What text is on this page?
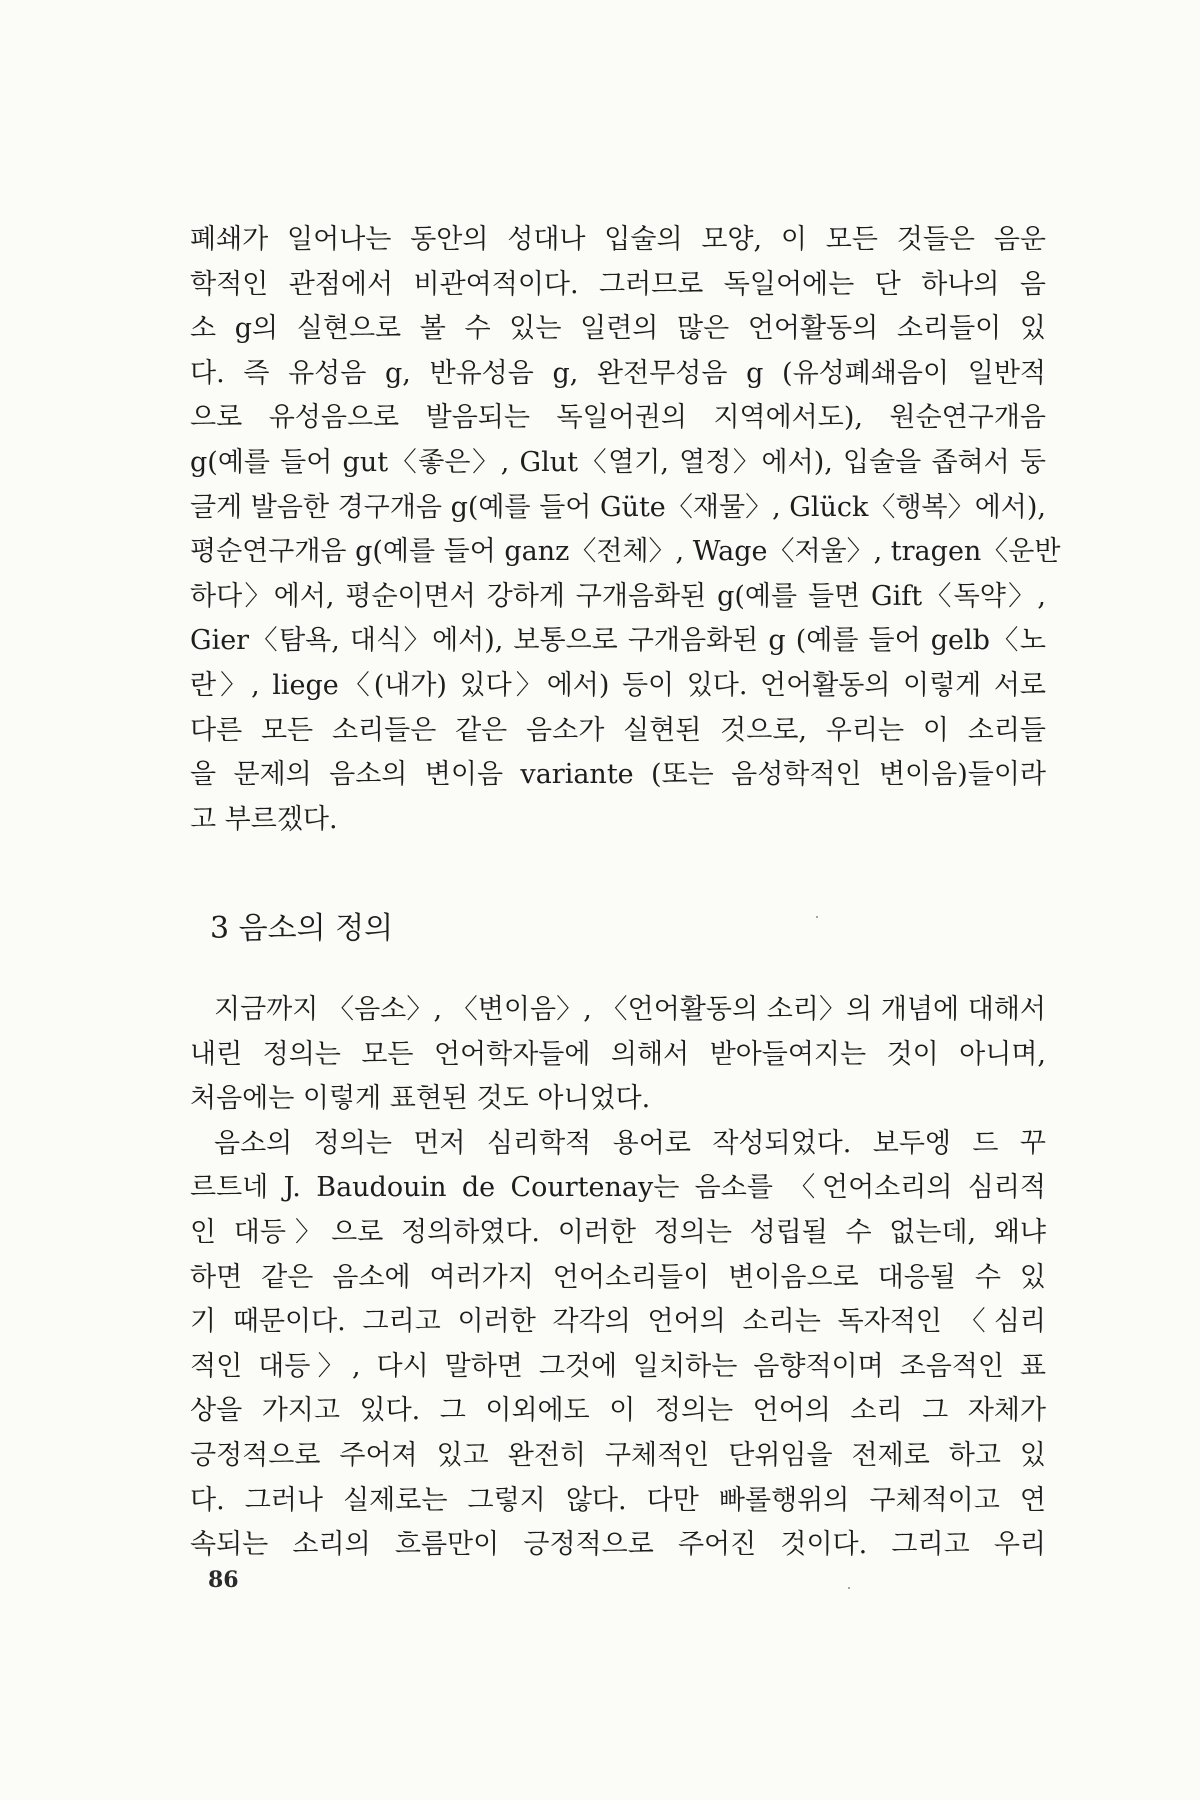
폐쇄가 일어나는 동안의 성대나 입술의 모양, 이 모든 것들은 음운
학적인 관점에서 비관여적이다. 그러므로 독일어에는 단 하나의 음
소 g의 실현으로 볼 수 있는 일련의 많은 언어활동의 소리들이 있
다. 즉 유성음 g, 반유성음 g, 완전무성음 g (유성폐쇄음이 일반적
으로 유성음으로 발음되는 독일어권의 지역에서도), 원순연구개음
g(예를 들어 gut〈좋은〉, Glut〈열기, 열정〉에서), 입술을 좁혀서 둥
글게 발음한 경구개음 g(예를 들어 Güte〈재물〉, Glück〈행복〉에서),
평순연구개음 g(예를 들어 ganz〈전체〉, Wage〈저울〉, tragen〈운반
하다〉에서, 평순이면서 강하게 구개음화된 g(예를 들면 Gift〈독약〉,
Gier〈탐욕, 대식〉에서), 보통으로 구개음화된 g (예를 들어 gelb〈노
란〉, liege〈(내가) 있다〉에서) 등이 있다. 언어활동의 이렇게 서로
다른 모든 소리들은 같은 음소가 실현된 것으로, 우리는 이 소리들
을 문제의 음소의 변이음 variante (또는 음성학적인 변이음)들이라
고 부르겠다.
3 음소의 정의
지금까지 〈음소〉, 〈변이음〉, 〈언어활동의 소리〉의 개념에 대해서
내린 정의는 모든 언어학자들에 의해서 받아들여지는 것이 아니며,
처음에는 이렇게 표현된 것도 아니었다.
음소의 정의는 먼저 심리학적 용어로 작성되었다. 보두엥 드 꾸
르트네 J. Baudouin de Courtenay는 음소를 〈언어소리의 심리적
인 대등〉으로 정의하였다. 이러한 정의는 성립될 수 없는데, 왜냐
하면 같은 음소에 여러가지 언어소리들이 변이음으로 대응될 수 있
기 때문이다. 그리고 이러한 각각의 언어의 소리는 독자적인 〈심리
적인 대등〉, 다시 말하면 그것에 일치하는 음향적이며 조음적인 표
상을 가지고 있다. 그 이외에도 이 정의는 언어의 소리 그 자체가
긍정적으로 주어져 있고 완전히 구체적인 단위임을 전제로 하고 있
다. 그러나 실제로는 그렇지 않다. 다만 빠롤행위의 구체적이고 연
속되는 소리의 흐름만이 긍정적으로 주어진 것이다. 그리고 우리
86
